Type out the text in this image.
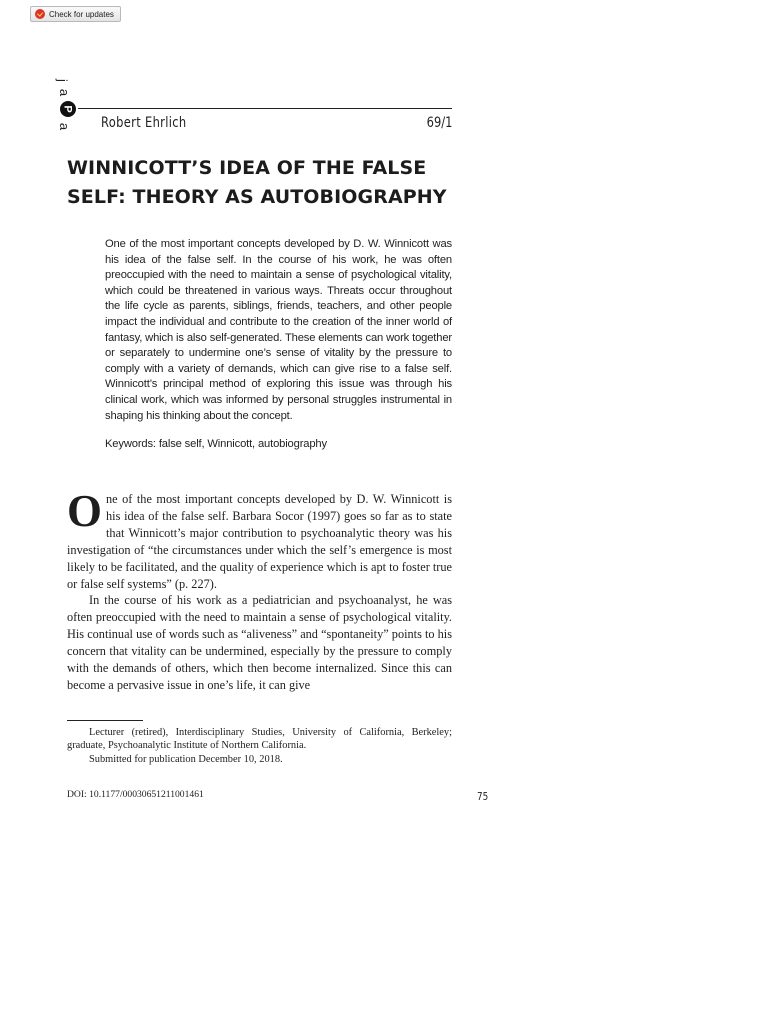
Check for updates
j
a
P
a Robert Ehrlich	69/1
WINNICOTT’S IDEA OF THE FALSE
SELF: THEORY AS AUTOBIOGRAPHY
One of the most important concepts developed by D. W. Winnicott was his idea of the false self. In the course of his work, he was often preoccupied with the need to maintain a sense of psychological vitality, which could be threatened in various ways. Threats occur throughout the life cycle as parents, siblings, friends, teachers, and other people impact the individual and contribute to the creation of the inner world of fantasy, which is also self-generated. These elements can work together or separately to undermine one’s sense of vitality by the pressure to comply with a variety of demands, which can give rise to a false self. Winnicott’s principal method of exploring this issue was through his clinical work, which was informed by personal struggles instrumental in shaping his thinking about the concept.
Keywords: false self, Winnicott, autobiography

One of the most important concepts developed by D. W. Winnicott is his idea of the false self. Barbara Socor (1997) goes so far as to state that Winnicott’s major contribution to psychoanalytic theory was his investigation of “the circumstances under which the self’s emergence is most likely to be facilitated, and the quality of experience which is apt to foster true or false self systems” (p. 227).

In the course of his work as a pediatrician and psychoanalyst, he was often preoccupied with the need to maintain a sense of psychological vitality. His continual use of words such as “aliveness” and “spontaneity” points to his concern that vitality can be undermined, especially by the pressure to comply with the demands of others, which then become internalized. Since this can become a pervasive issue in one’s life, it can give

Lecturer (retired), Interdisciplinary Studies, University of California, Berkeley; graduate, Psychoanalytic Institute of Northern California.

Submitted for publication December 10, 2018.

DOI: 10.1177/00030651211001461	75
